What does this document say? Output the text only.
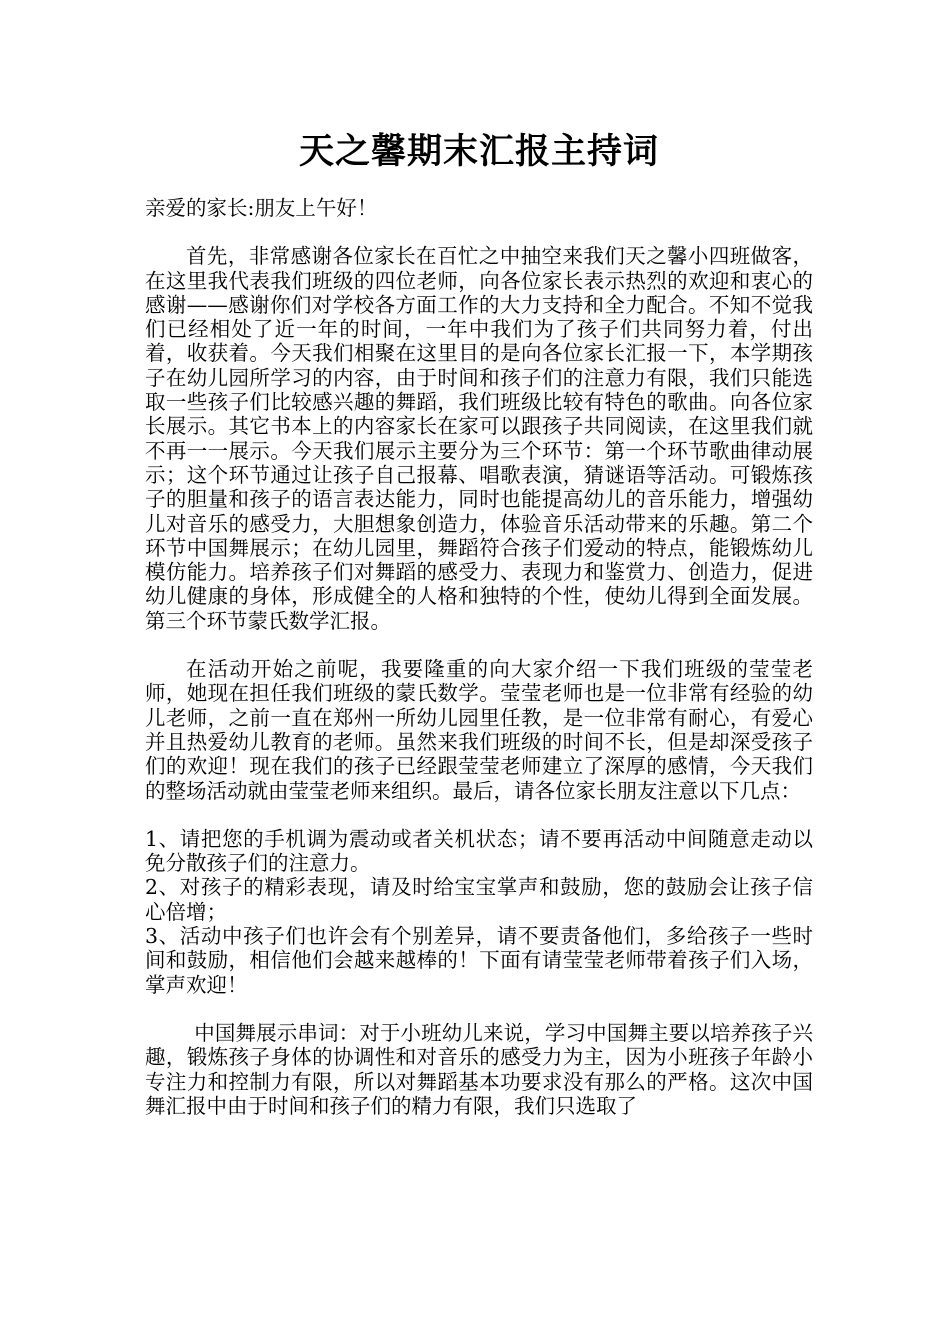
天之馨期末汇报主持词

亲爱的家长:朋友上午好！

首先，非常感谢各位家长在百忙之中抽空来我们天之馨小四班做客，在这里我代表我们班级的四位老师，向各位家长表示热烈的欢迎和衷心的感谢——感谢你们对学校各方面工作的大力支持和全力配合。不知不觉我们已经相处了近一年的时间，一年中我们为了孩子们共同努力着，付出着，收获着。今天我们相聚在这里目的是向各位家长汇报一下，本学期孩子在幼儿园所学习的内容，由于时间和孩子们的注意力有限，我们只能选取一些孩子们比较感兴趣的舞蹈，我们班级比较有特色的歌曲。向各位家长展示。其它书本上的内容家长在家可以跟孩子共同阅读，在这里我们就不再一一展示。今天我们展示主要分为三个环节：第一个环节歌曲律动展示；这个环节通过让孩子自己报幕、唱歌表演，猜谜语等活动。可锻炼孩子的胆量和孩子的语言表达能力，同时也能提高幼儿的音乐能力，增强幼儿对音乐的感受力，大胆想象创造力，体验音乐活动带来的乐趣。第二个环节中国舞展示；在幼儿园里，舞蹈符合孩子们爱动的特点，能锻炼幼儿模仿能力。培养孩子们对舞蹈的感受力、表现力和鉴赏力、创造力，促进幼儿健康的身体，形成健全的人格和独特的个性，使幼儿得到全面发展。第三个环节蒙氏数学汇报。

在活动开始之前呢，我要隆重的向大家介绍一下我们班级的莹莹老师，她现在担任我们班级的蒙氏数学。莹莹老师也是一位非常有经验的幼儿老师，之前一直在郑州一所幼儿园里任教，是一位非常有耐心，有爱心并且热爱幼儿教育的老师。虽然来我们班级的时间不长，但是却深受孩子们的欢迎！现在我们的孩子已经跟莹莹老师建立了深厚的感情，今天我们的整场活动就由莹莹老师来组织。最后，请各位家长朋友注意以下几点：

1、请把您的手机调为震动或者关机状态；请不要再活动中间随意走动以免分散孩子们的注意力。

2、对孩子的精彩表现，请及时给宝宝掌声和鼓励，您的鼓励会让孩子信心倍增；

3、活动中孩子们也许会有个别差异，请不要责备他们，多给孩子一些时间和鼓励，相信他们会越来越棒的！下面有请莹莹老师带着孩子们入场，掌声欢迎！

中国舞展示串词：对于小班幼儿来说，学习中国舞主要以培养孩子兴趣，锻炼孩子身体的协调性和对音乐的感受力为主，因为小班孩子年龄小专注力和控制力有限，所以对舞蹈基本功要求没有那么的严格。这次中国舞汇报中由于时间和孩子们的精力有限，我们只选取了
